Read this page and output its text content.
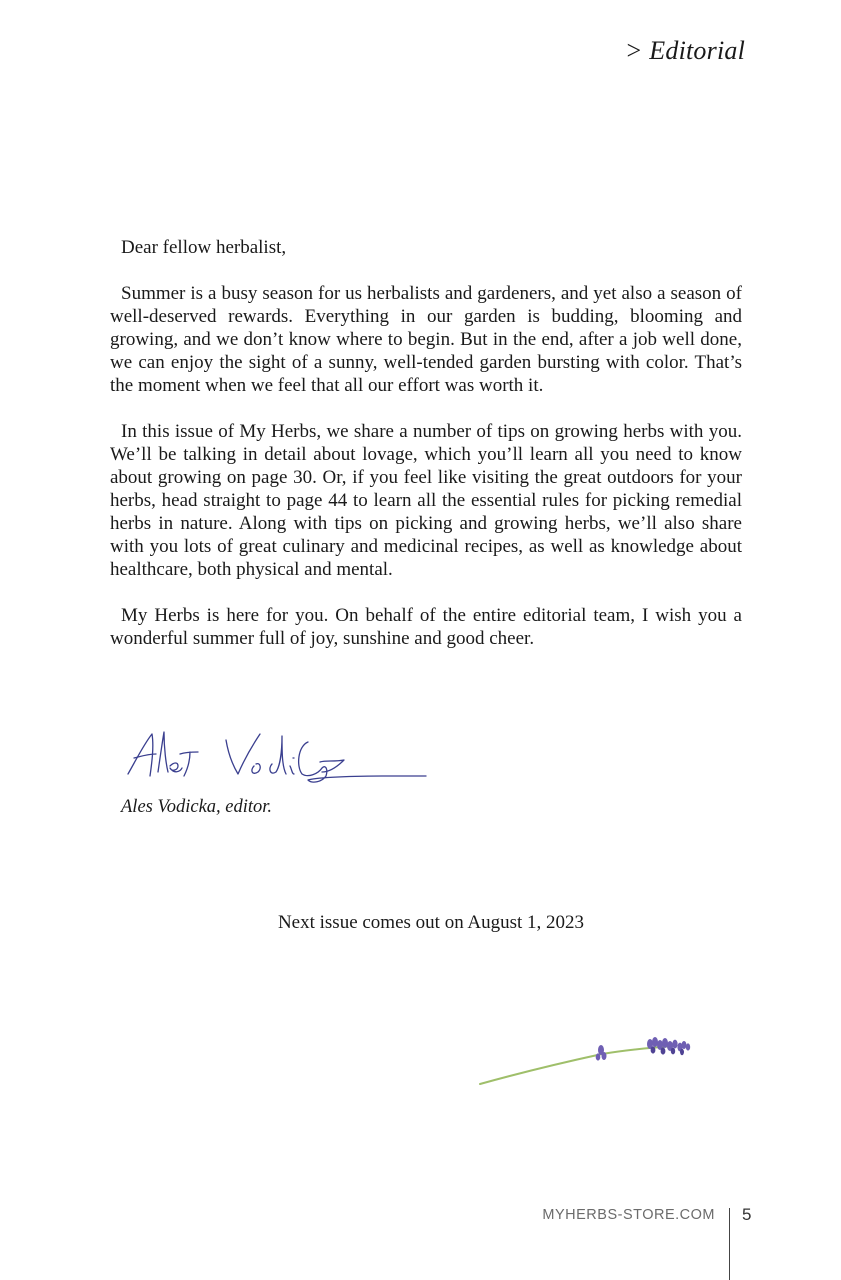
> Editorial

Dear fellow herbalist,

Summer is a busy season for us herbalists and gardeners, and yet also a season of well-deserved rewards. Everything in our garden is budding, blooming and growing, and we don’t know where to begin. But in the end, after a job well done, we can enjoy the sight of a sunny, well-tended garden bursting with color. That’s the moment when we feel that all our effort was worth it.

In this issue of My Herbs, we share a number of tips on growing herbs with you. We’ll be talking in detail about lovage, which you’ll learn all you need to know about growing on page 30. Or, if you feel like visiting the great outdoors for your herbs, head straight to page 44 to learn all the essential rules for picking remedial herbs in nature. Along with tips on picking and growing herbs, we’ll also share with you lots of great culinary and medicinal recipes, as well as knowledge about healthcare, both physical and mental.

My Herbs is here for you. On behalf of the entire editorial team, I wish you a wonderful summer full of joy, sunshine and good cheer.

Ales Vodicka, editor.
Next issue comes out on August 1, 2023
MYHERBS-STORE.COM 5
